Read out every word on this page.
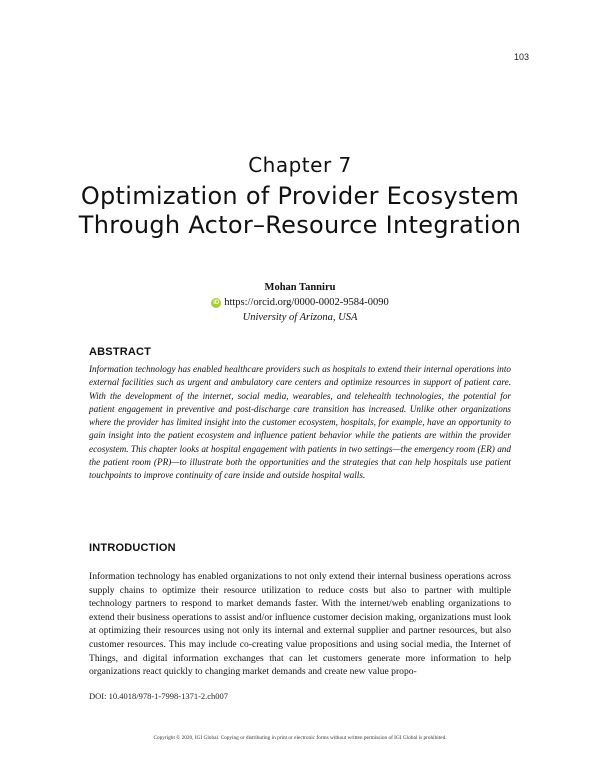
103
Chapter 7
Optimization of Provider Ecosystem Through Actor–Resource Integration
Mohan Tanniru
iD https://orcid.org/0000-0002-9584-0090
University of Arizona, USA
ABSTRACT
Information technology has enabled healthcare providers such as hospitals to extend their internal operations into external facilities such as urgent and ambulatory care centers and optimize resources in support of patient care. With the development of the internet, social media, wearables, and telehealth technologies, the potential for patient engagement in preventive and post-discharge care transition has increased. Unlike other organizations where the provider has limited insight into the customer ecosystem, hospitals, for example, have an opportunity to gain insight into the patient ecosystem and influence patient behavior while the patients are within the provider ecosystem. This chapter looks at hospital engagement with patients in two settings—the emergency room (ER) and the patient room (PR)—to illustrate both the opportunities and the strategies that can help hospitals use patient touchpoints to improve continuity of care inside and outside hospital walls.
INTRODUCTION
Information technology has enabled organizations to not only extend their internal business operations across supply chains to optimize their resource utilization to reduce costs but also to partner with multiple technology partners to respond to market demands faster. With the internet/web enabling organizations to extend their business operations to assist and/or influence customer decision making, organizations must look at optimizing their resources using not only its internal and external supplier and partner resources, but also customer resources. This may include co-creating value propositions and using social media, the Internet of Things, and digital information exchanges that can let customers generate more information to help organizations react quickly to changing market demands and create new value propo-
DOI: 10.4018/978-1-7998-1371-2.ch007
Copyright © 2020, IGI Global. Copying or distributing in print or electronic forms without written permission of IGI Global is prohibited.
